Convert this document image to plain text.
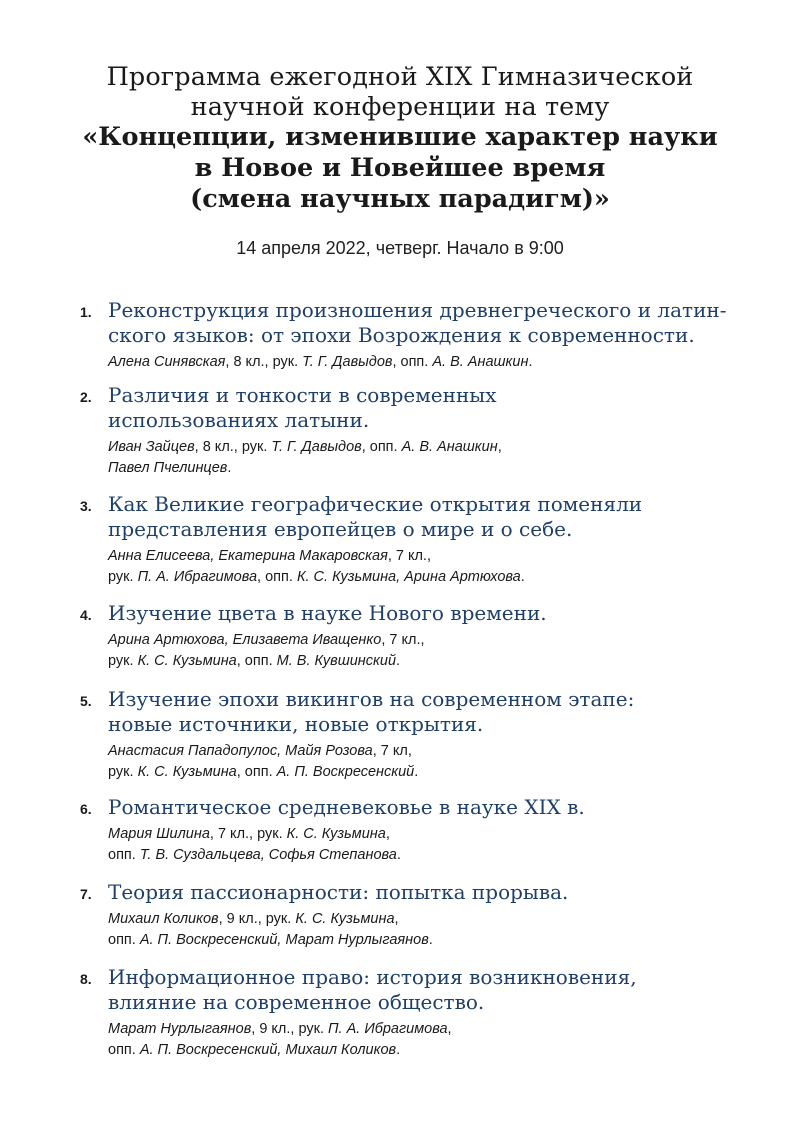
Программа ежегодной XIX Гимназической
научной конференции на тему
«Концепции, изменившие характер науки
в Новое и Новейшее время
(смена научных парадигм)»
14 апреля 2022, четверг. Начало в 9:00
1. Реконструкция произношения древнегреческого и латин-
ского языков: от эпохи Возрождения к современности.
Алена Синявская, 8 кл., рук. Т. Г. Давыдов, опп. А. В. Анашкин.
2. Различия и тонкости в современных
использованиях латыни.
Иван Зайцев, 8 кл., рук. Т. Г. Давыдов, опп. А. В. Анашкин,
Павел Пчелинцев.
3. Как Великие географические открытия поменяли
представления европейцев о мире и о себе.
Анна Елисеева, Екатерина Макаровская, 7 кл.,
рук. П. А. Ибрагимова, опп. К. С. Кузьмина, Арина Артюхова.
4. Изучение цвета в науке Нового времени.
Арина Артюхова, Елизавета Иващенко, 7 кл.,
рук. К. С. Кузьмина, опп. М. В. Кувшинский.
5. Изучение эпохи викингов на современном этапе:
новые источники, новые открытия.
Анастасия Пападопулос, Майя Розова, 7 кл,
рук. К. С. Кузьмина, опп. А. П. Воскресенский.
6. Романтическое средневековье в науке XIX в.
Мария Шилина, 7 кл., рук. К. С. Кузьмина,
опп. Т. В. Суздальцева, Софья Степанова.
7. Теория пассионарности: попытка прорыва.
Михаил Коликов, 9 кл., рук. К. С. Кузьмина,
опп. А. П. Воскресенский, Марат Нурлыгаянов.
8. Информационное право: история возникновения,
влияние на современное общество.
Марат Нурлыгаянов, 9 кл., рук. П. А. Ибрагимова,
опп. А. П. Воскресенский, Михаил Коликов.
